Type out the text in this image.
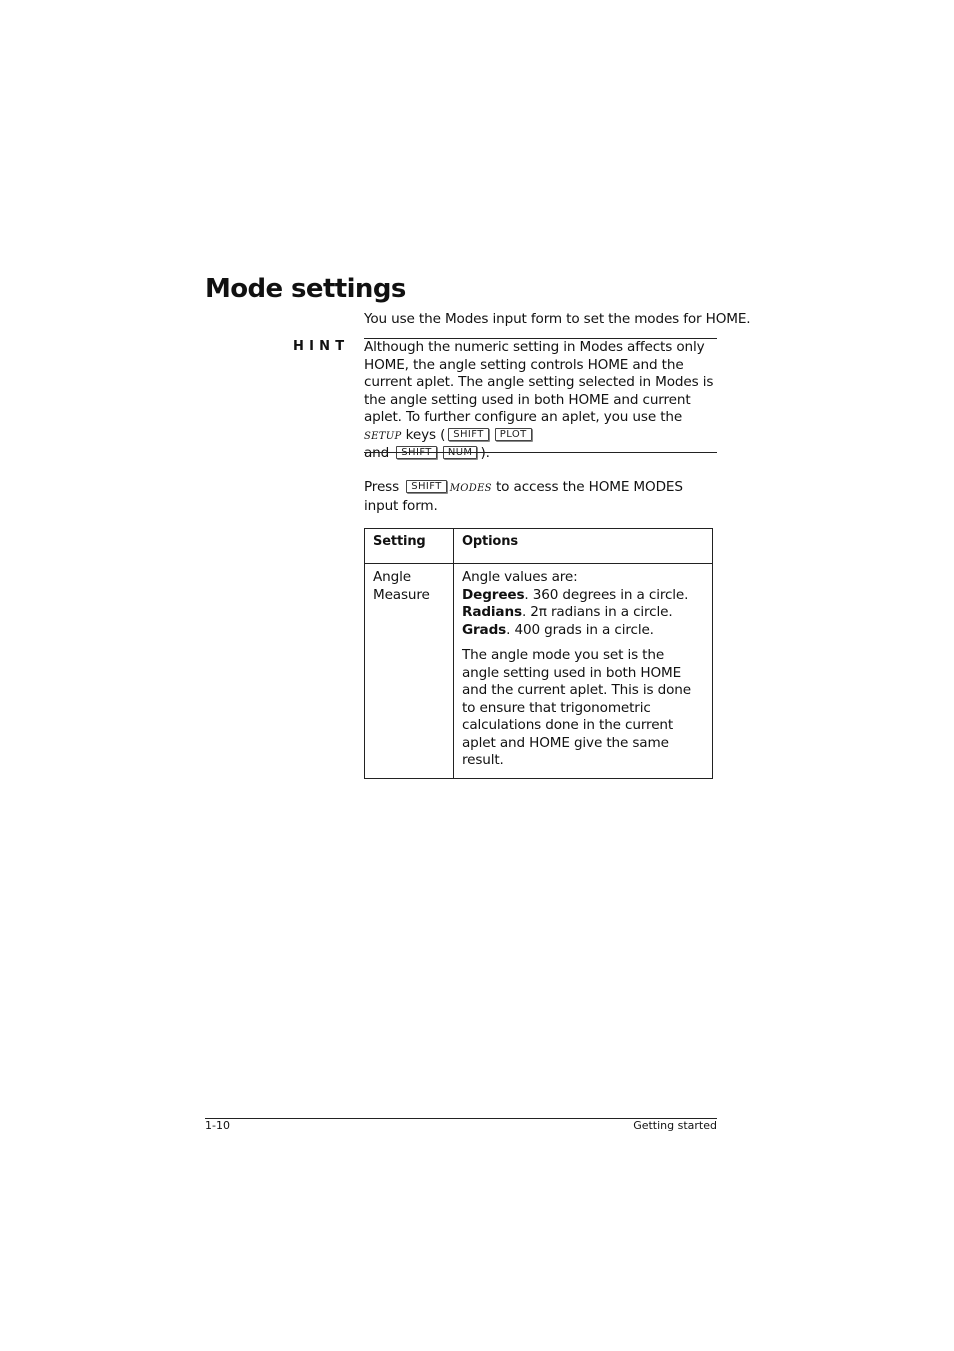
Mode settings
You use the Modes input form to set the modes for HOME.
HINT Although the numeric setting in Modes affects only HOME, the angle setting controls HOME and the current aplet. The angle setting selected in Modes is the angle setting used in both HOME and current aplet. To further configure an aplet, you use the SETUP keys ( SHIFT PLOT
and SHIFT NUM ).
Press SHIFT MODES to access the HOME MODES input form.
Setting	Options
Angle Measure	Angle values are:
Degrees. 360 degrees in a circle.
Radians. 2π radians in a circle.
Grads. 400 grads in a circle.
The angle mode you set is the angle setting used in both HOME and the current aplet. This is done to ensure that trigonometric calculations done in the current aplet and HOME give the same result.
1-10	Getting started
